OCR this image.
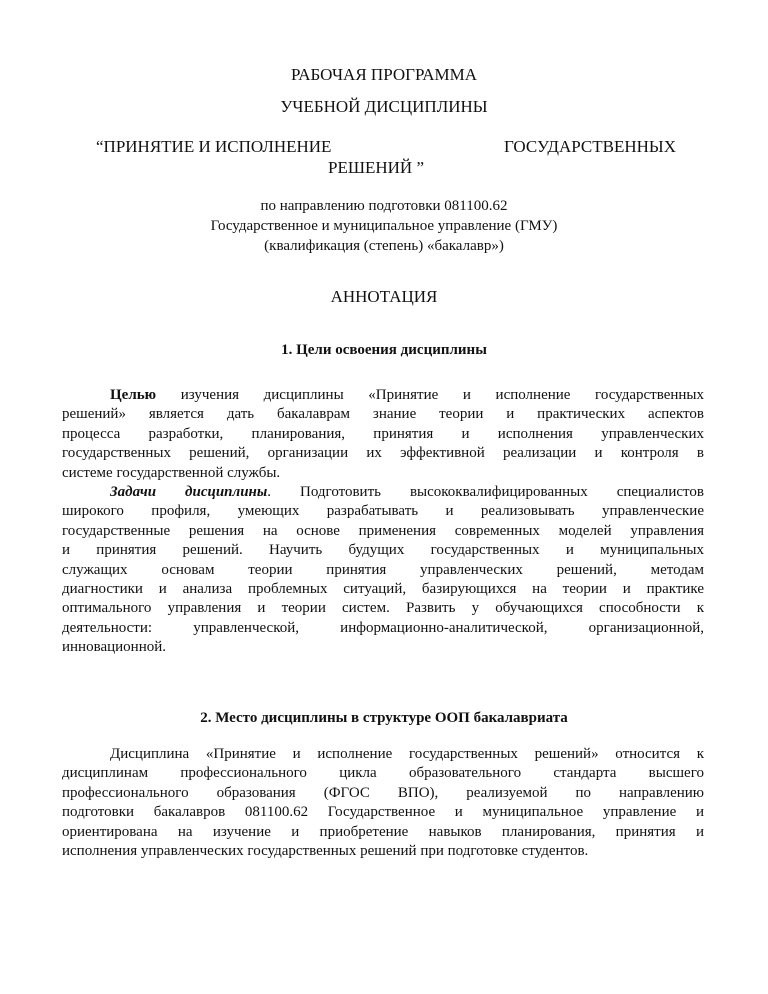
РАБОЧАЯ ПРОГРАММА
УЧЕБНОЙ ДИСЦИПЛИНЫ
“ПРИНЯТИЕ И ИСПОЛНЕНИЕ	ГОСУДАРСТВЕННЫХ
РЕШЕНИЙ ”
по направлению подготовки 081100.62
Государственное и муниципальное управление (ГМУ)
(квалификация (степень) «бакалавр»)
АННОТАЦИЯ
1. Цели освоения дисциплины
Целью изучения дисциплины «Принятие и исполнение государственных
решений» является дать бакалаврам знание теории и практических аспектов
процесса разработки, планирования, принятия и исполнения управленческих
государственных решений, организации их эффективной реализации и контроля в
системе государственной службы.
Задачи дисциплины. Подготовить высококвалифицированных специалистов
широкого профиля, умеющих разрабатывать и реализовывать управленческие
государственные решения на основе применения современных моделей управления
и принятия решений. Научить будущих государственных и муниципальных
служащих основам теории принятия управленческих решений, методам
диагностики и анализа проблемных ситуаций, базирующихся на теории и практике
оптимального управления и теории систем. Развить у обучающихся способности к
деятельности: управленческой, информационно-аналитической, организационной,
инновационной.
2. Место дисциплины в структуре ООП бакалавриата
Дисциплина «Принятие и исполнение государственных решений» относится к
дисциплинам профессионального цикла образовательного стандарта высшего
профессионального образования (ФГОС ВПО), реализуемой по направлению
подготовки бакалавров 081100.62 Государственное и муниципальное управление и
ориентирована на изучение и приобретение навыков планирования, принятия и
исполнения управленческих государственных решений при подготовке студентов.
